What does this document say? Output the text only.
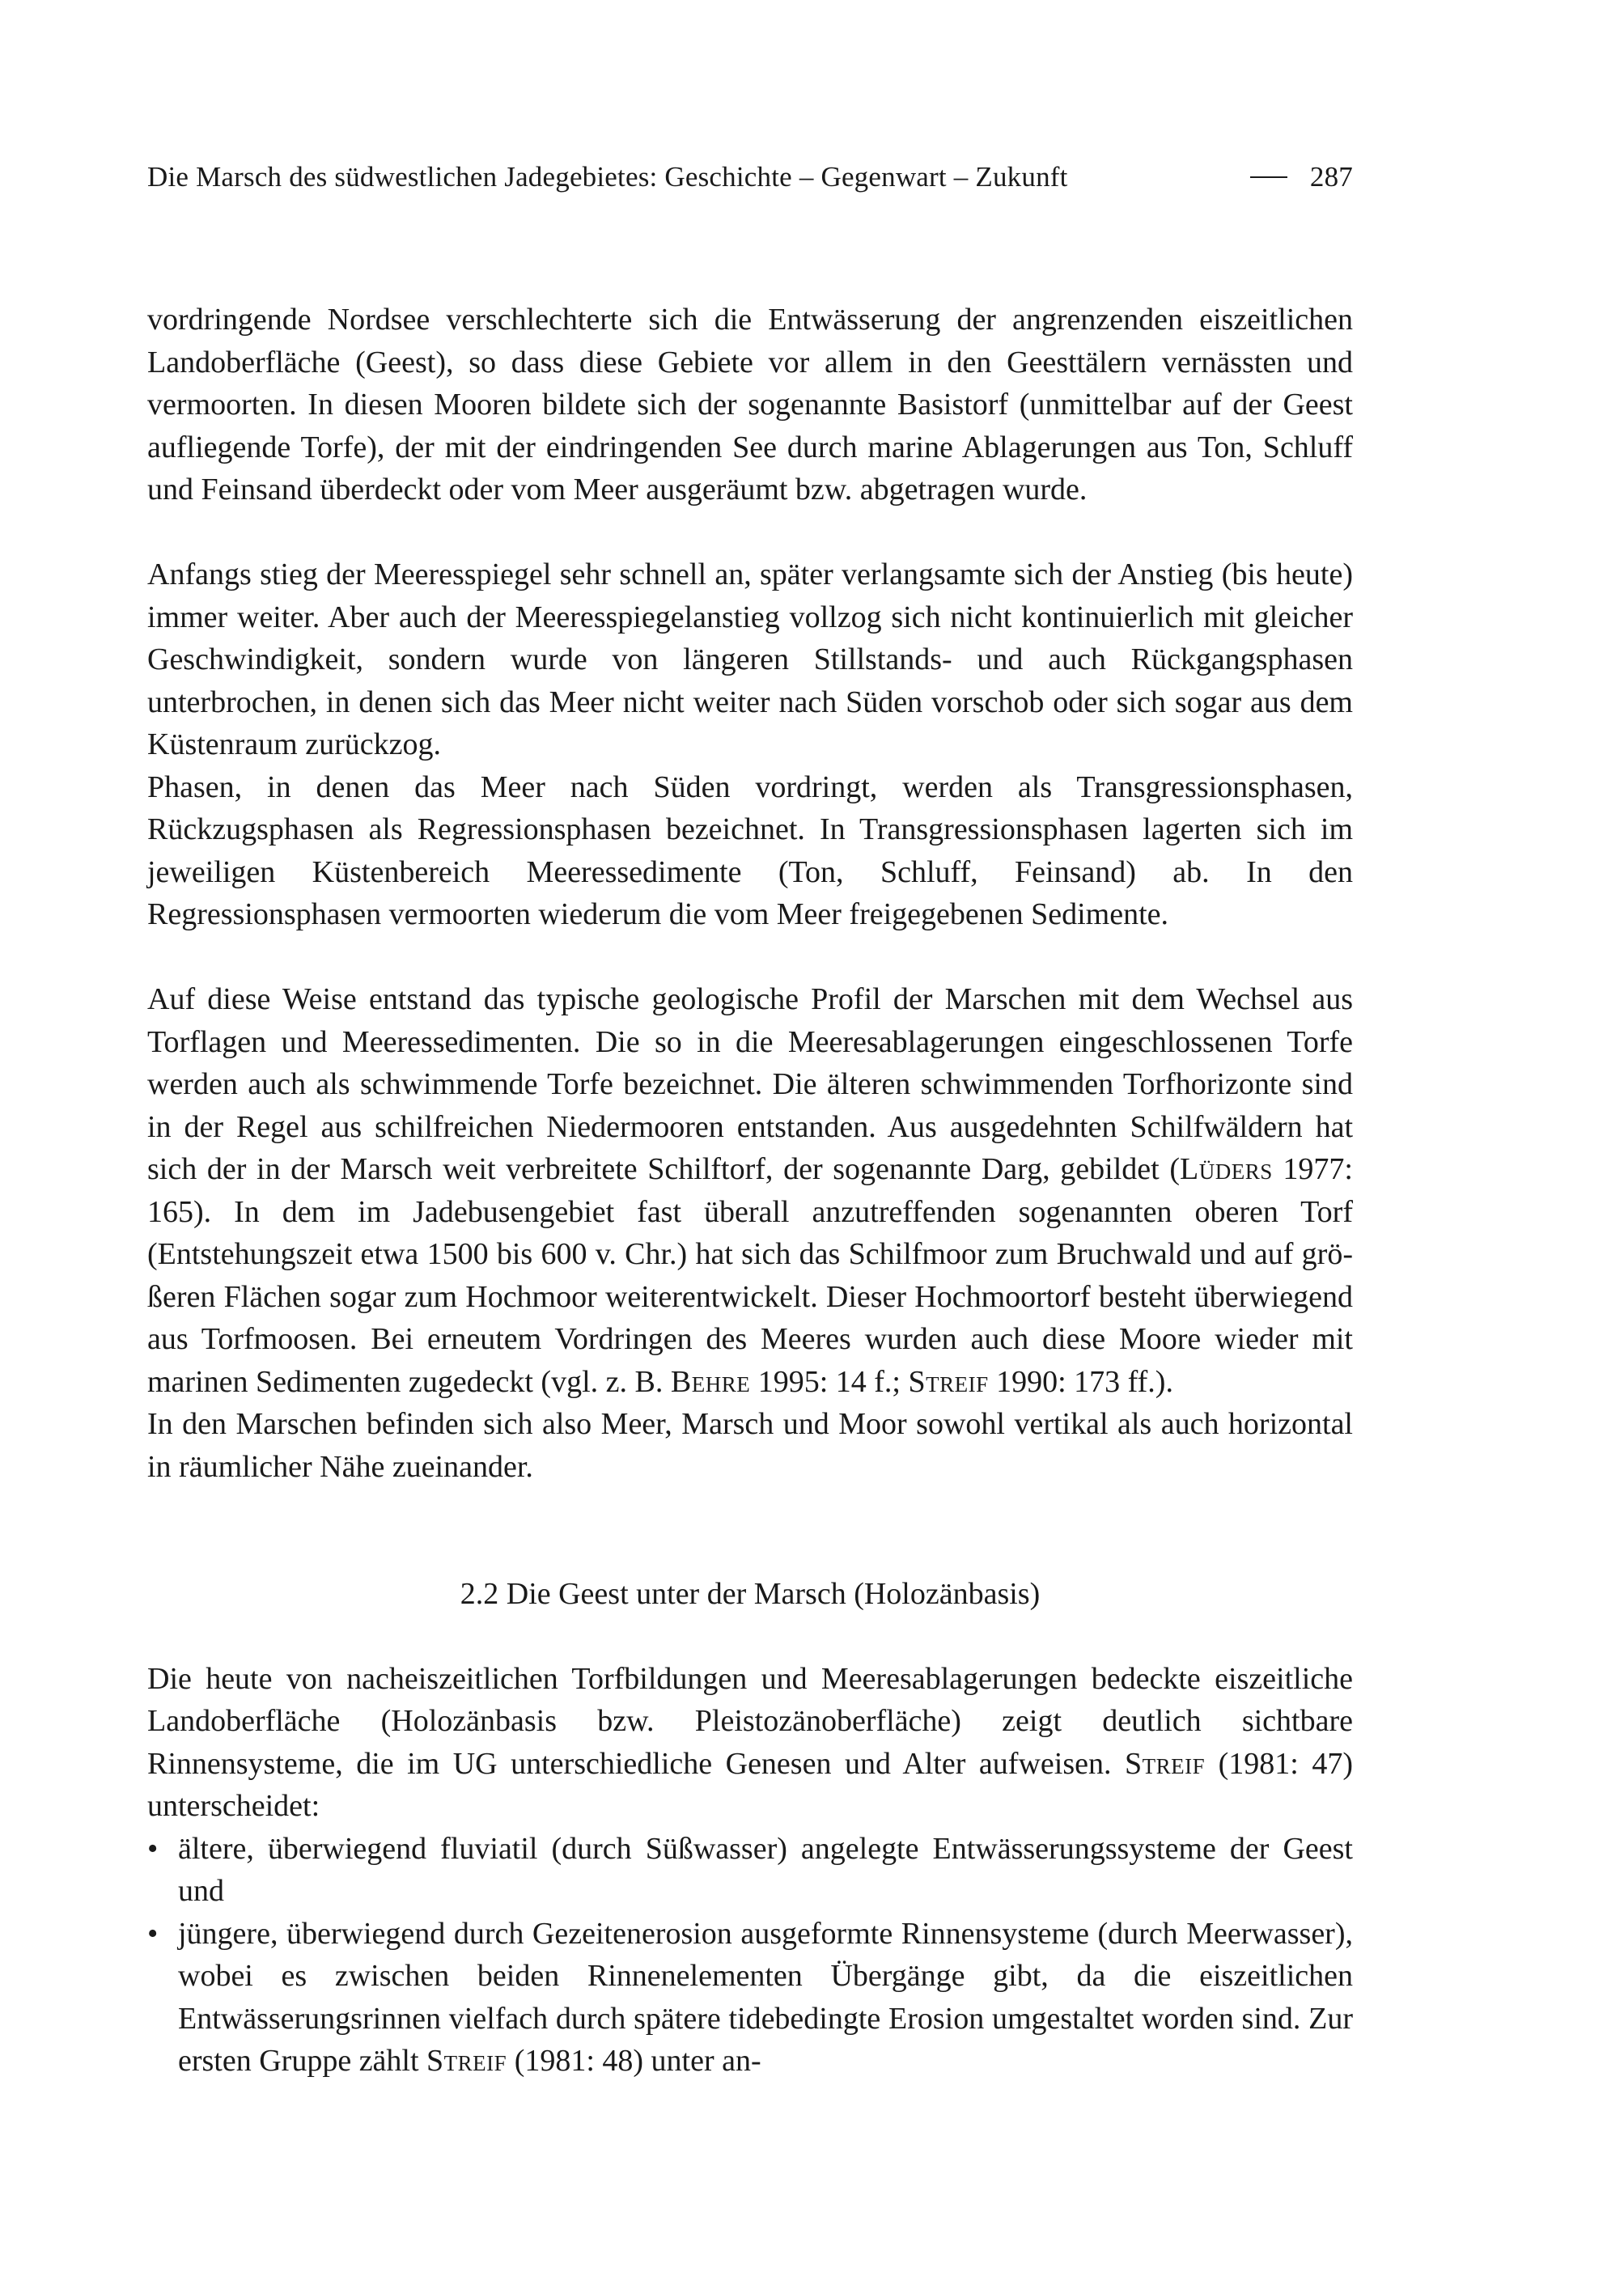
Die Marsch des südwestlichen Jadegebietes: Geschichte – Gegenwart – Zukunft	287

vordringende Nordsee verschlechterte sich die Entwässerung der angrenzenden eiszeitlichen Landoberfläche (Geest), so dass diese Gebiete vor allem in den Geesttälern vernässten und vermoorten. In diesen Mooren bildete sich der sogenannte Basistorf (unmittelbar auf der Geest aufliegende Torfe), der mit der eindringenden See durch marine Ablagerungen aus Ton, Schluff und Feinsand überdeckt oder vom Meer ausgeräumt bzw. abgetragen wurde.

Anfangs stieg der Meeresspiegel sehr schnell an, später verlangsamte sich der Anstieg (bis heute) immer weiter. Aber auch der Meeresspiegelanstieg vollzog sich nicht kontinuierlich mit gleicher Geschwindigkeit, sondern wurde von längeren Stillstands- und auch Rückgangsphasen unterbrochen, in denen sich das Meer nicht weiter nach Süden vorschob oder sich sogar aus dem Küstenraum zurückzog.

Phasen, in denen das Meer nach Süden vordringt, werden als Transgressionsphasen, Rückzugsphasen als Regressionsphasen bezeichnet. In Transgressionsphasen lagerten sich im jeweiligen Küstenbereich Meeressedimente (Ton, Schluff, Feinsand) ab. In den Regressionsphasen vermoorten wiederum die vom Meer freigegebenen Sedimente.

Auf diese Weise entstand das typische geologische Profil der Marschen mit dem Wechsel aus Torflagen und Meeressedimenten. Die so in die Meeresablagerungen eingeschlossenen Torfe werden auch als schwimmende Torfe bezeichnet. Die älteren schwimmenden Torfhorizonte sind in der Regel aus schilfreichen Niedermooren entstanden. Aus ausgedehnten Schilfwäldern hat sich der in der Marsch weit verbreitete Schilftorf, der sogenannte Darg, gebildet (Lüders 1977: 165). In dem im Jadebusengebiet fast überall anzutreffenden sogenannten oberen Torf (Entstehungszeit etwa 1500 bis 600 v. Chr.) hat sich das Schilfmoor zum Bruchwald und auf größeren Flächen sogar zum Hochmoor weiterentwickelt. Dieser Hochmoortorf besteht überwiegend aus Torfmoosen. Bei erneutem Vordringen des Meeres wurden auch diese Moore wieder mit marinen Sedimenten zugedeckt (vgl. z. B. Behre 1995: 14 f.; Streif 1990: 173 ff.).

In den Marschen befinden sich also Meer, Marsch und Moor sowohl vertikal als auch horizontal in räumlicher Nähe zueinander.

2.2 Die Geest unter der Marsch (Holozänbasis)

Die heute von nacheiszeitlichen Torfbildungen und Meeresablagerungen bedeckte eiszeitliche Landoberfläche (Holozänbasis bzw. Pleistozänoberfläche) zeigt deutlich sichtbare Rinnensysteme, die im UG unterschiedliche Genesen und Alter aufweisen. Streif (1981: 47) unterscheidet:

• ältere, überwiegend fluviatil (durch Süßwasser) angelegte Entwässerungssysteme der Geest und
• jüngere, überwiegend durch Gezeitenerosion ausgeformte Rinnensysteme (durch Meerwasser), wobei es zwischen beiden Rinnenelementen Übergänge gibt, da die eiszeitlichen Entwässerungsrinnen vielfach durch spätere tidebedingte Erosion umgestaltet worden sind. Zur ersten Gruppe zählt Streif (1981: 48) unter an-
